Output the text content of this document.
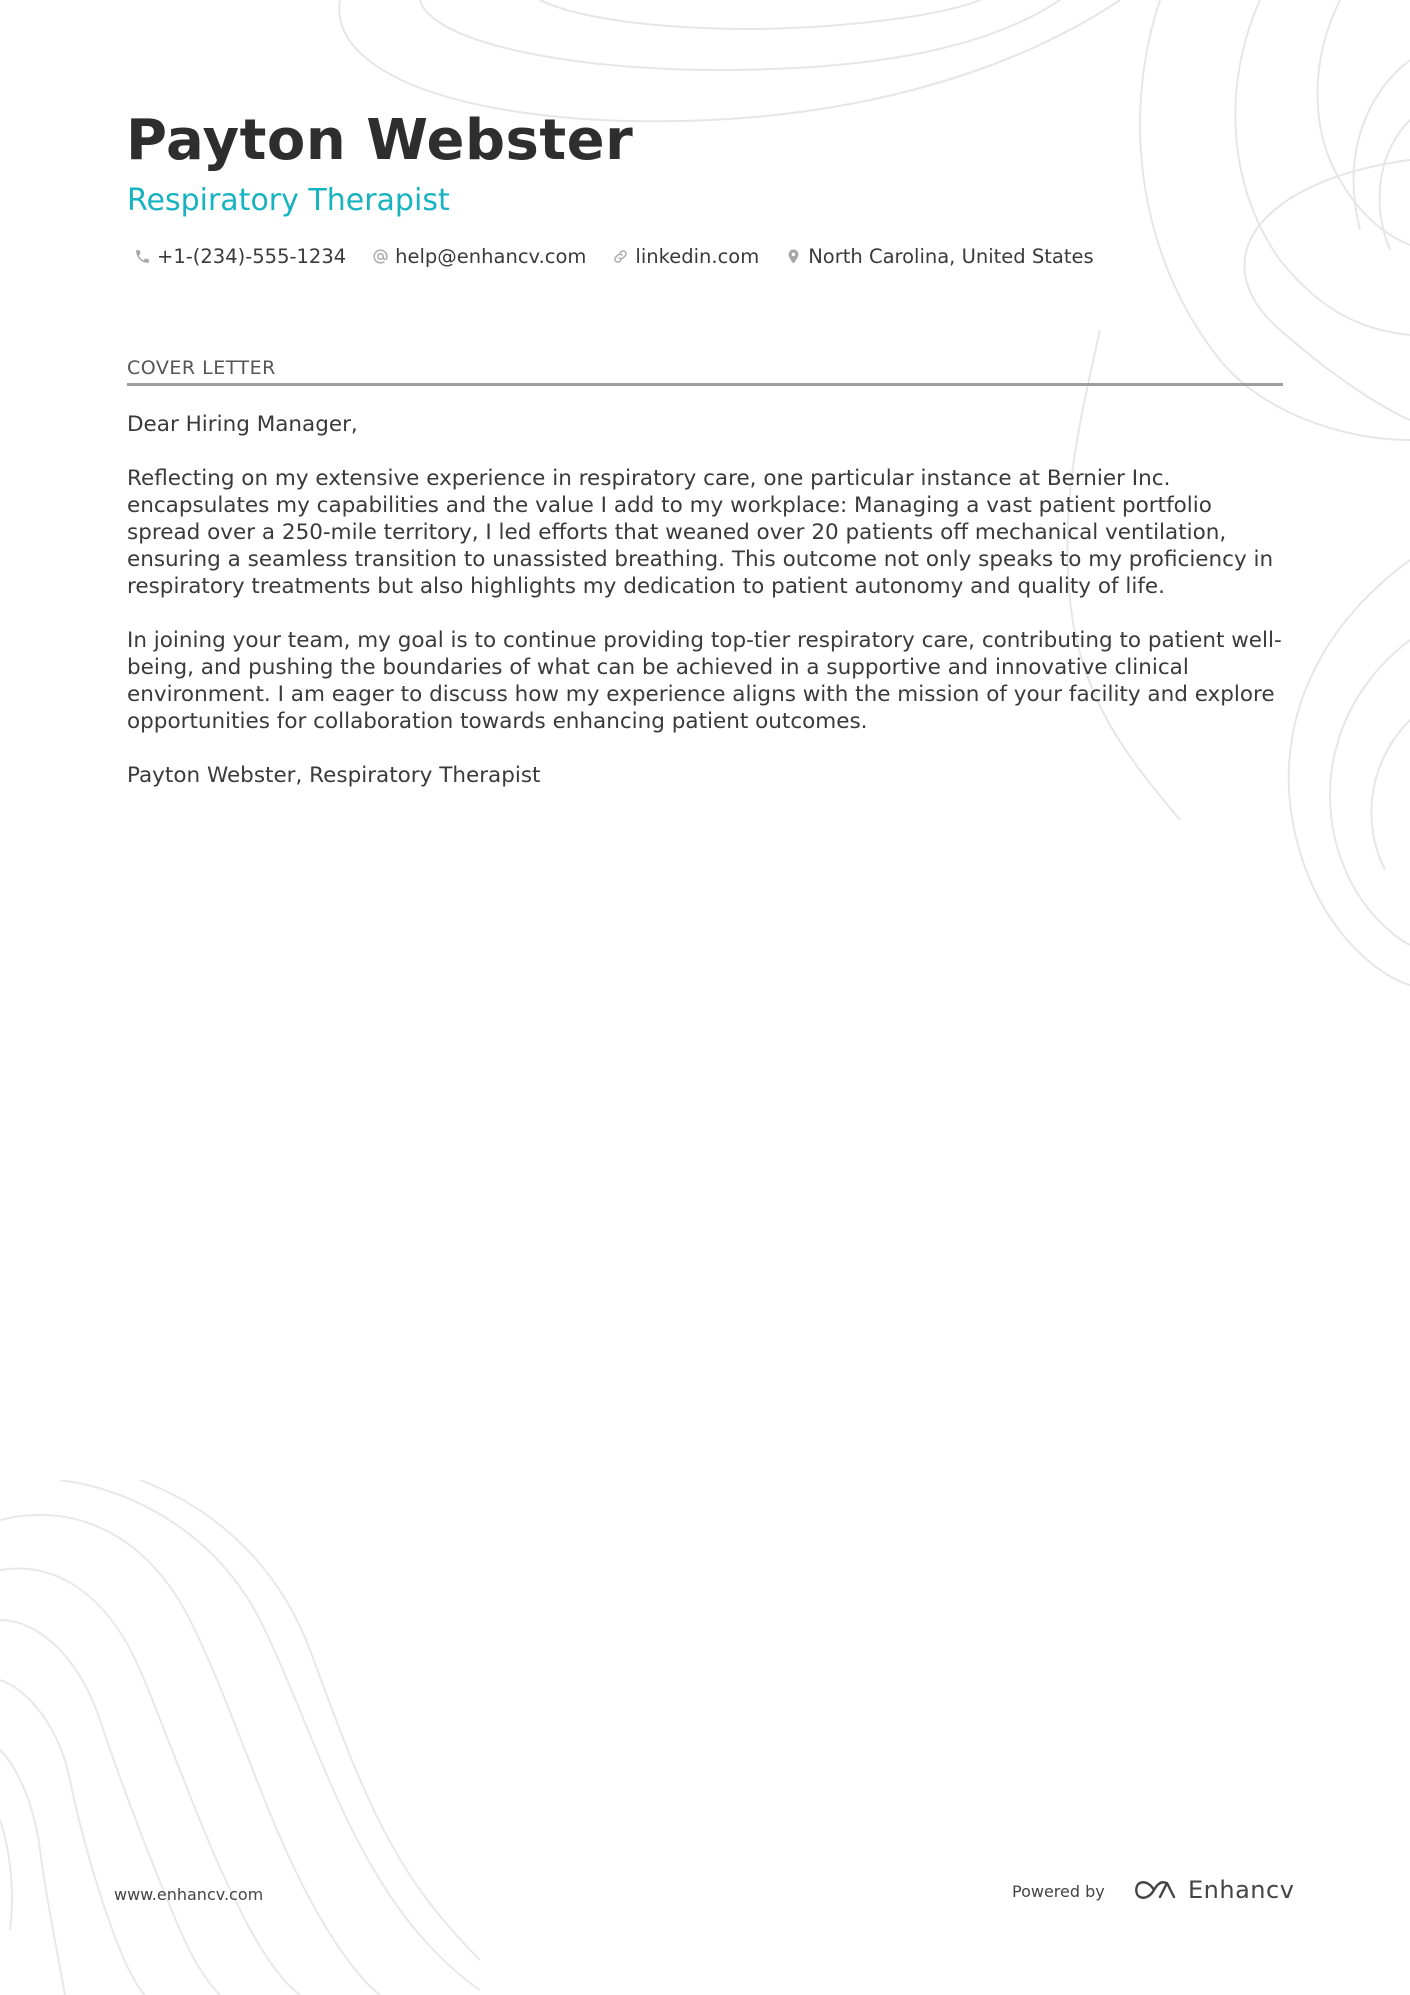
Payton Webster
Respiratory Therapist
+1-(234)-555-1234	help@enhancv.com	linkedin.com	North Carolina, United States
COVER LETTER

Dear Hiring Manager,

Reflecting on my extensive experience in respiratory care, one particular instance at Bernier Inc. encapsulates my capabilities and the value I add to my workplace: Managing a vast patient portfolio spread over a 250-mile territory, I led efforts that weaned over 20 patients off mechanical ventilation, ensuring a seamless transition to unassisted breathing. This outcome not only speaks to my proficiency in respiratory treatments but also highlights my dedication to patient autonomy and quality of life.

In joining your team, my goal is to continue providing top-tier respiratory care, contributing to patient well-being, and pushing the boundaries of what can be achieved in a supportive and innovative clinical environment. I am eager to discuss how my experience aligns with the mission of your facility and explore opportunities for collaboration towards enhancing patient outcomes.

Payton Webster, Respiratory Therapist

www.enhancv.com	Powered by	Enhancv
